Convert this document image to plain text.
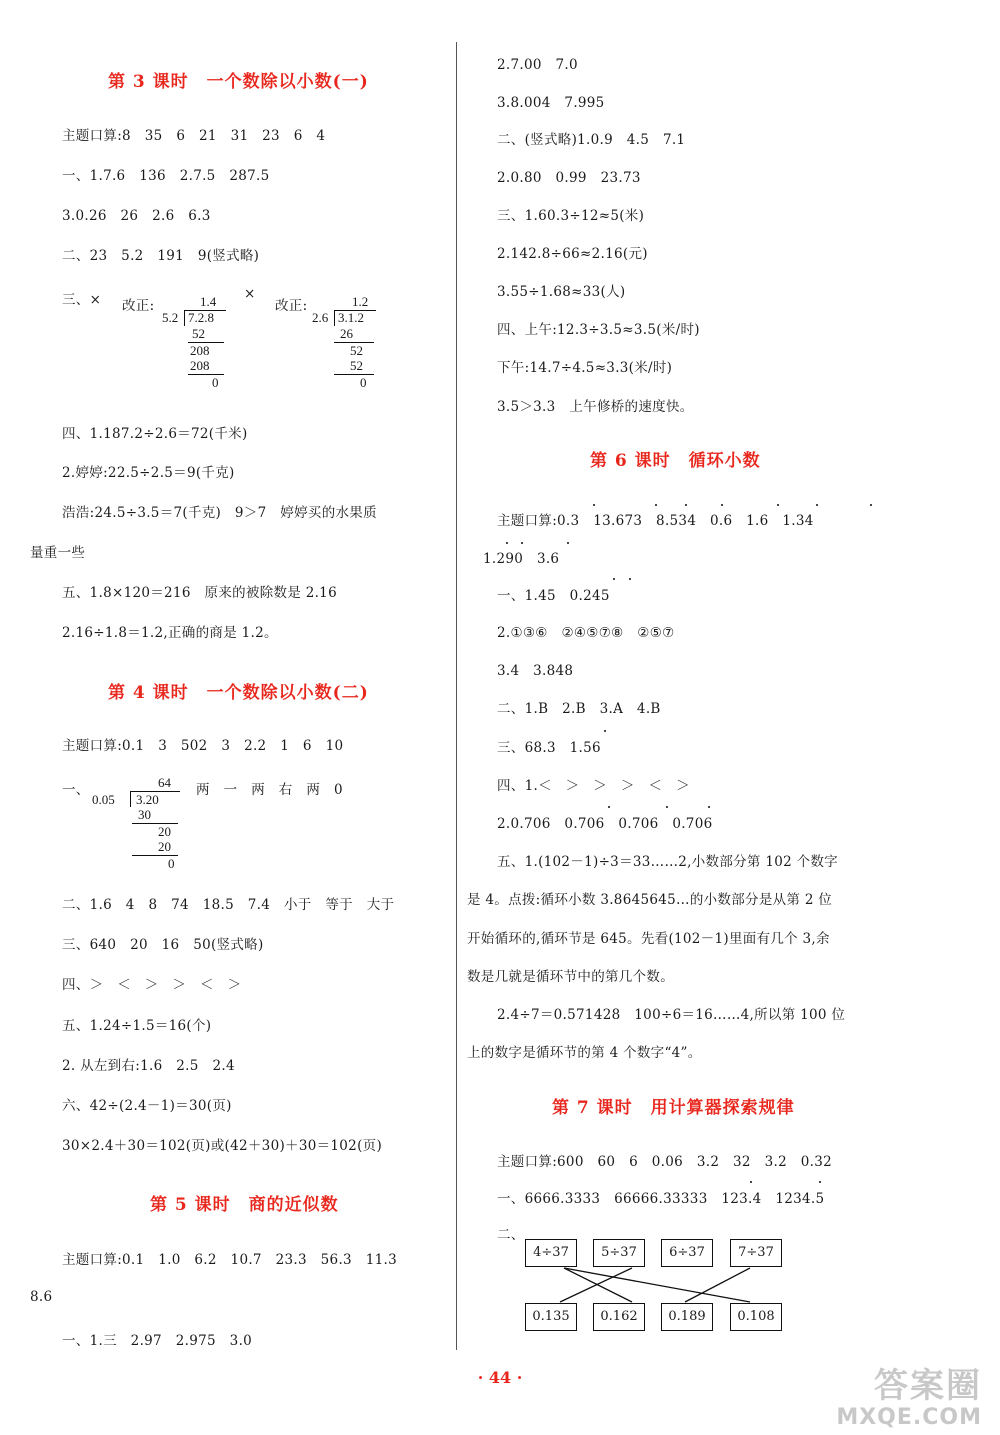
第 3 课时　一个数除以小数(一)
主题口算:8　35　6　21　31　23　6　4
一、1.7.6　136　2.7.5　287.5
3.0.26　26　2.6　6.3
二、23　5.2　191　9(竖式略)
三、× 改正:
×
改正:
1.4
5.2 7.2.8
52
208
208
0
1.2
2.6 3.1.2
26
52
52
0
四、1.187.2÷2.6＝72(千米)
2.婷婷:22.5÷2.5＝9(千克)
浩浩:24.5÷3.5＝7(千克)　9＞7　婷婷买的水果质
量重一些
五、1.8×120＝216　原来的被除数是 2.16
2.16÷1.8＝1.2,正确的商是 1.2。
第 4 课时　一个数除以小数(二)
主题口算:0.1　3　502　3　2.2　1　6　10
一、	64
0.05 3.20
30
20
20
0
两　一　两　右　两　0
二、1.6　4　8　74　18.5　7.4　小于　等于　大于
三、640　20　16　50(竖式略)
四、＞　＜　＞　＞　＜　＞
五、1.24÷1.5＝16(个)
2. 从左到右:1.6　2.5　2.4
六、42÷(2.4－1)＝30(页)
30×2.4＋30＝102(页)或(42＋30)＋30＝102(页)
第 5 课时　商的近似数
主题口算:0.1　1.0　6.2　10.7　23.3　56.3　11.3
8.6
一、1.三　2.97　2.975　3.0
2.7.00　7.0
3.8.004　7.995
二、(竖式略)1.0.9　4.5　7.1
2.0.80　0.99　23.73
三、1.60.3÷12≈5(米)
2.142.8÷66≈2.16(元)
3.55÷1.68≈33(人)
四、上午:12.3÷3.5≈3.5(米/时)
下午:14.7÷4.5≈3.3(米/时)
3.5＞3.3　上午修桥的速度快。
第 6 课时　循环小数
主题口算:0.3　13.673　8.534　0.6　1.6　1.34
1.290　3.6
一、1.45　0.245
2.①③⑥　②④⑤⑦⑧　②⑤⑦
3.4　3.848
二、1.B　2.B　3.A　4.B
三、68.3　1.56
四、1.＜　＞　＞　＞　＜　＞
2.0.706　0.706　0.706　0.706
五、1.(102－1)÷3＝33……2,小数部分第 102 个数字
是 4。点拨:循环小数 3.8645645…的小数部分是从第 2 位
开始循环的,循环节是 645。先看(102－1)里面有几个 3,余
数是几就是循环节中的第几个数。
2.4÷7＝0.571428　100÷6＝16……4,所以第 100 位
上的数字是循环节的第 4 个数字“4”。
第 7 课时　用计算器探索规律
主题口算:600　60　6　0.06　3.2　32　3.2　0.32
一、6666.3333　66666.33333　123.4　1234.5
二、
4÷37	5÷37	6÷37	7÷37
0.135	0.162	0.189	0.108
· 44 ·	答案圈
MXQE.COM
